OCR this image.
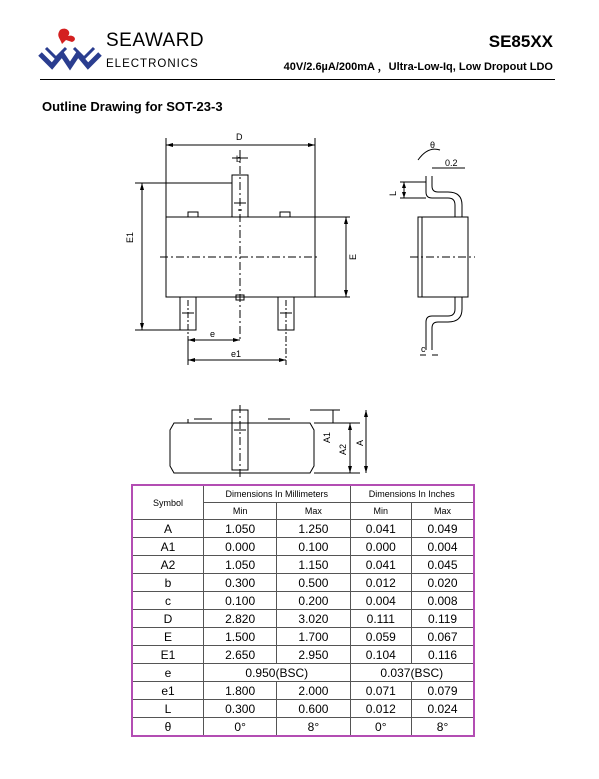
SEAWARD
ELECTRONICS
SE85XX
40V/2.6µA/200mA ，Ultra-Low-Iq, Low Dropout LDO
Outline Drawing for SOT-23-3
D
b
E1
E
e
e1
θ
0.2
L
c
A1
A2
A
Symbol	Dimensions In Millimeters		Dimensions In Inches	
	Min	Max	Min	Max
A	1.050	1.250	0.041	0.049
A1	0.000	0.100	0.000	0.004
A2	1.050	1.150	0.041	0.045
b	0.300	0.500	0.012	0.020
c	0.100	0.200	0.004	0.008
D	2.820	3.020	0.111	0.119
E	1.500	1.700	0.059	0.067
E1	2.650	2.950	0.104	0.116
e	0.950(BSC)		0.037(BSC)	
e1	1.800	2.000	0.071	0.079
L	0.300	0.600	0.012	0.024
θ	0°	8°	0°	8°
